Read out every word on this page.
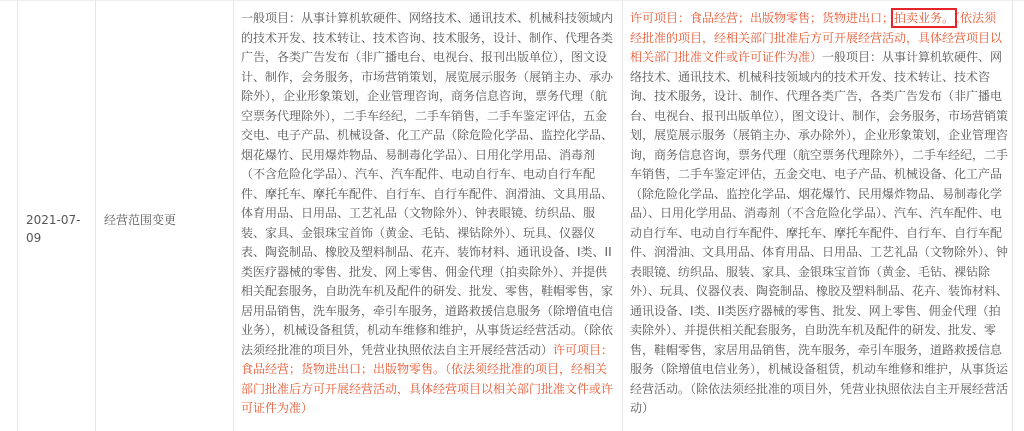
2021-07-09
经营范围变更
一般项目：从事计算机软硬件、网络技术、通讯技术、机械科技领域内的技术开发、技术转让、技术咨询、技术服务，设计、制作、代理各类广告，各类广告发布（非广播电台、电视台、报刊出版单位），图文设计、制作，会务服务，市场营销策划，展览展示服务（展销主办、承办除外），企业形象策划，企业管理咨询，商务信息咨询，票务代理（航空票务代理除外），二手车经纪，二手车销售，二手车鉴定评估，五金交电、电子产品、机械设备、化工产品（除危险化学品、监控化学品、烟花爆竹、民用爆炸物品、易制毒化学品）、日用化学用品、消毒剂（不含危险化学品）、汽车、汽车配件、电动自行车、电动自行车配件、摩托车、摩托车配件、自行车、自行车配件、润滑油、文具用品、体育用品、日用品、工艺礼品（文物除外）、钟表眼镜、纺织品、服装、家具、金银珠宝首饰（黄金、毛钻、裸钻除外）、玩具、仪器仪表、陶瓷制品、橡胶及塑料制品、花卉、装饰材料、通讯设备、I类、II类医疗器械的零售、批发、网上零售、佣金代理（拍卖除外）、并提供相关配套服务，自助洗车机及配件的研发、批发、零售，鞋帽零售，家居用品销售，洗车服务，牵引车服务，道路救援信息服务（除增值电信业务），机械设备租赁，机动车维修和维护，从事货运经营活动。（除依法须经批准的项目外，凭营业执照依法自主开展经营活动）许可项目：食品经营；货物进出口；出版物零售。（依法须经批准的项目，经相关部门批准后方可开展经营活动，具体经营项目以相关部门批准文件或许可证件为准）
许可项目：食品经营；出版物零售；货物进出口；拍卖业务。（依法须经批准的项目，经相关部门批准后方可开展经营活动，具体经营项目以相关部门批准文件或许可证件为准）一般项目：从事计算机软硬件、网络技术、通讯技术、机械科技领域内的技术开发、技术转让、技术咨询、技术服务，设计、制作、代理各类广告，各类广告发布（非广播电台、电视台、报刊出版单位），图文设计、制作，会务服务，市场营销策划，展览展示服务（展销主办、承办除外），企业形象策划，企业管理咨询，商务信息咨询，票务代理（航空票务代理除外），二手车经纪，二手车销售，二手车鉴定评估，五金交电、电子产品、机械设备、化工产品（除危险化学品、监控化学品、烟花爆竹、民用爆炸物品、易制毒化学品）、日用化学用品、消毒剂（不含危险化学品）、汽车、汽车配件、电动自行车、电动自行车配件、摩托车、摩托车配件、自行车、自行车配件、润滑油、文具用品、体育用品、日用品、工艺礼品（文物除外）、钟表眼镜、纺织品、服装、家具、金银珠宝首饰（黄金、毛钻、裸钻除外）、玩具、仪器仪表、陶瓷制品、橡胶及塑料制品、花卉、装饰材料、通讯设备、I类、II类医疗器械的零售、批发、网上零售、佣金代理（拍卖除外）、并提供相关配套服务，自助洗车机及配件的研发、批发、零售，鞋帽零售，家居用品销售，洗车服务，牵引车服务，道路救援信息服务（除增值电信业务），机械设备租赁，机动车维修和维护，从事货运经营活动。（除依法须经批准的项目外，凭营业执照依法自主开展经营活动）
